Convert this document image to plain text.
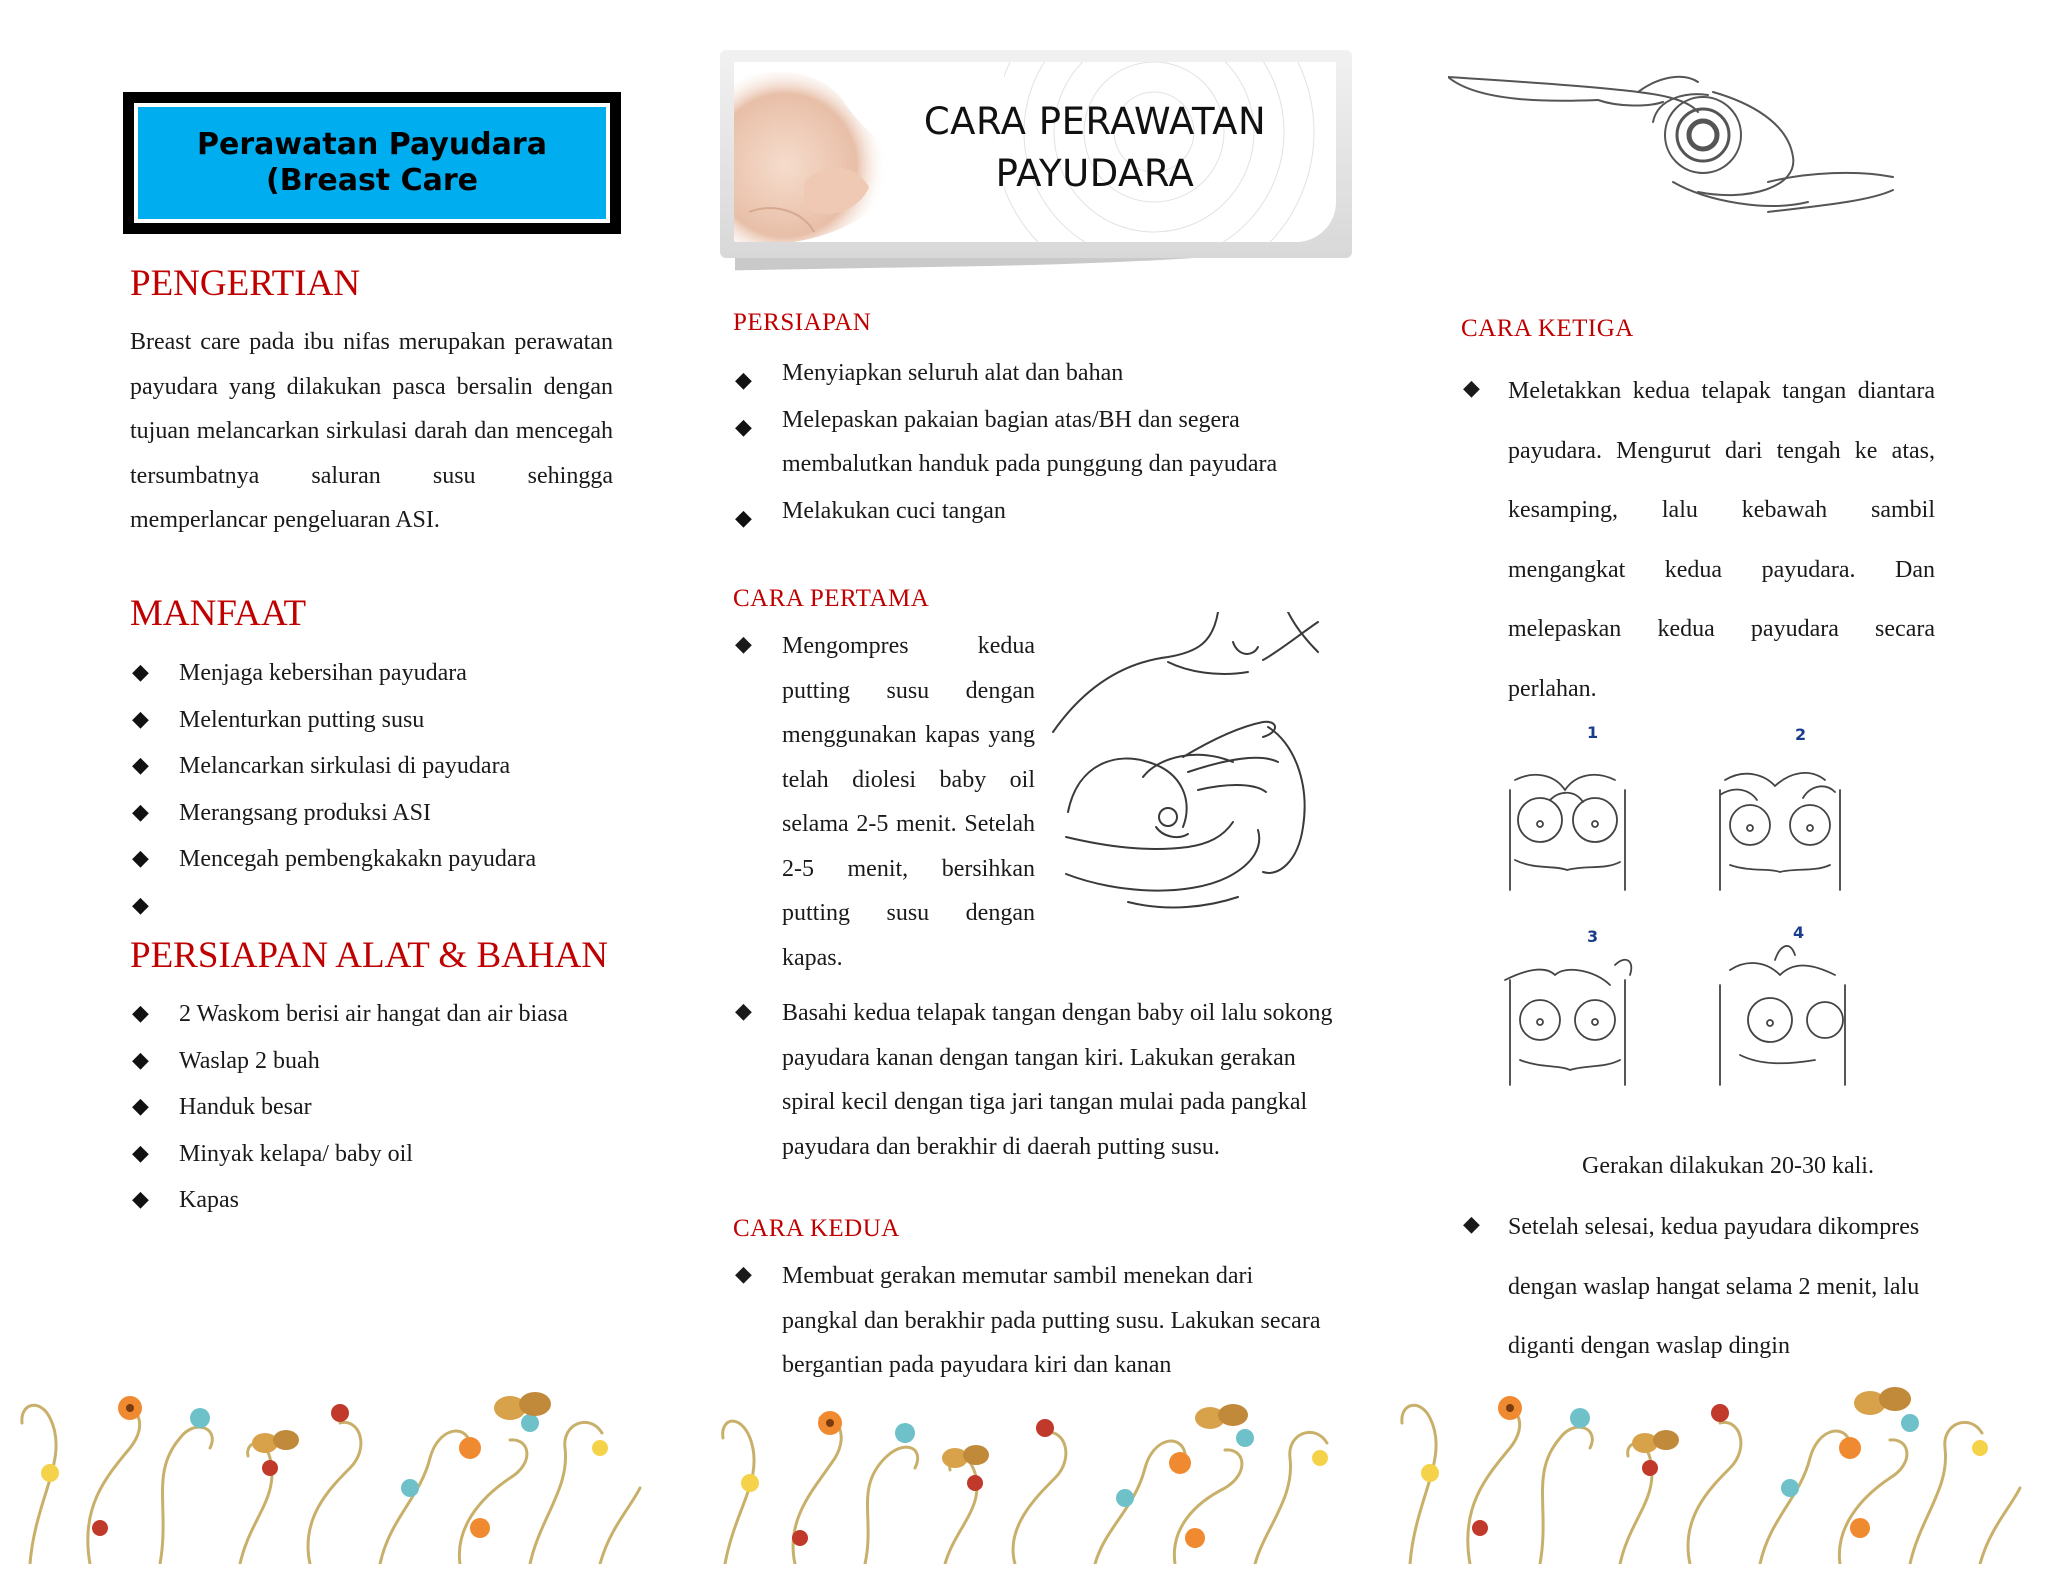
Perawatan Payudara (Breast Care
PENGERTIAN
Breast care pada ibu nifas merupakan perawatan payudara yang dilakukan pasca bersalin dengan tujuan melancarkan sirkulasi darah dan mencegah tersumbatnya saluran susu sehingga memperlancar pengeluaran ASI.
MANFAAT
◆ Menjaga kebersihan payudara
◆ Melenturkan putting susu
◆ Melancarkan sirkulasi di payudara
◆ Merangsang produksi ASI
◆ Mencegah pembengkakakn payudara
◆
PERSIAPAN ALAT & BAHAN
◆ 2 Waskom berisi air hangat dan air biasa
◆ Waslap 2 buah
◆ Handuk besar
◆ Minyak kelapa/ baby oil
◆ Kapas
CARA PERAWATAN
PAYUDARA
PERSIAPAN
◆ Menyiapkan seluruh alat dan bahan
◆ Melepaskan pakaian bagian atas/BH dan segera membalutkan handuk pada punggung dan payudara
◆ Melakukan cuci tangan
CARA PERTAMA
◆ Mengompres kedua putting susu dengan menggunakan kapas yang telah diolesi baby oil selama 2-5 menit. Setelah 2-5 menit, bersihkan putting susu dengan kapas.
◆ Basahi kedua telapak tangan dengan baby oil lalu sokong payudara kanan dengan tangan kiri. Lakukan gerakan spiral kecil dengan tiga jari tangan mulai pada pangkal payudara dan berakhir di daerah putting susu.
CARA KEDUA
◆ Membuat gerakan memutar sambil menekan dari pangkal dan berakhir pada putting susu. Lakukan secara bergantian pada payudara kiri dan kanan
CARA KETIGA
◆ Meletakkan kedua telapak tangan diantara payudara. Mengurut dari tengah ke atas, kesamping, lalu kebawah sambil mengangkat kedua payudara. Dan melepaskan kedua payudara secara perlahan.
1	2
3	4
Gerakan dilakukan 20-30 kali.
◆ Setelah selesai, kedua payudara dikompres dengan waslap hangat selama 2 menit, lalu diganti dengan waslap dingin
